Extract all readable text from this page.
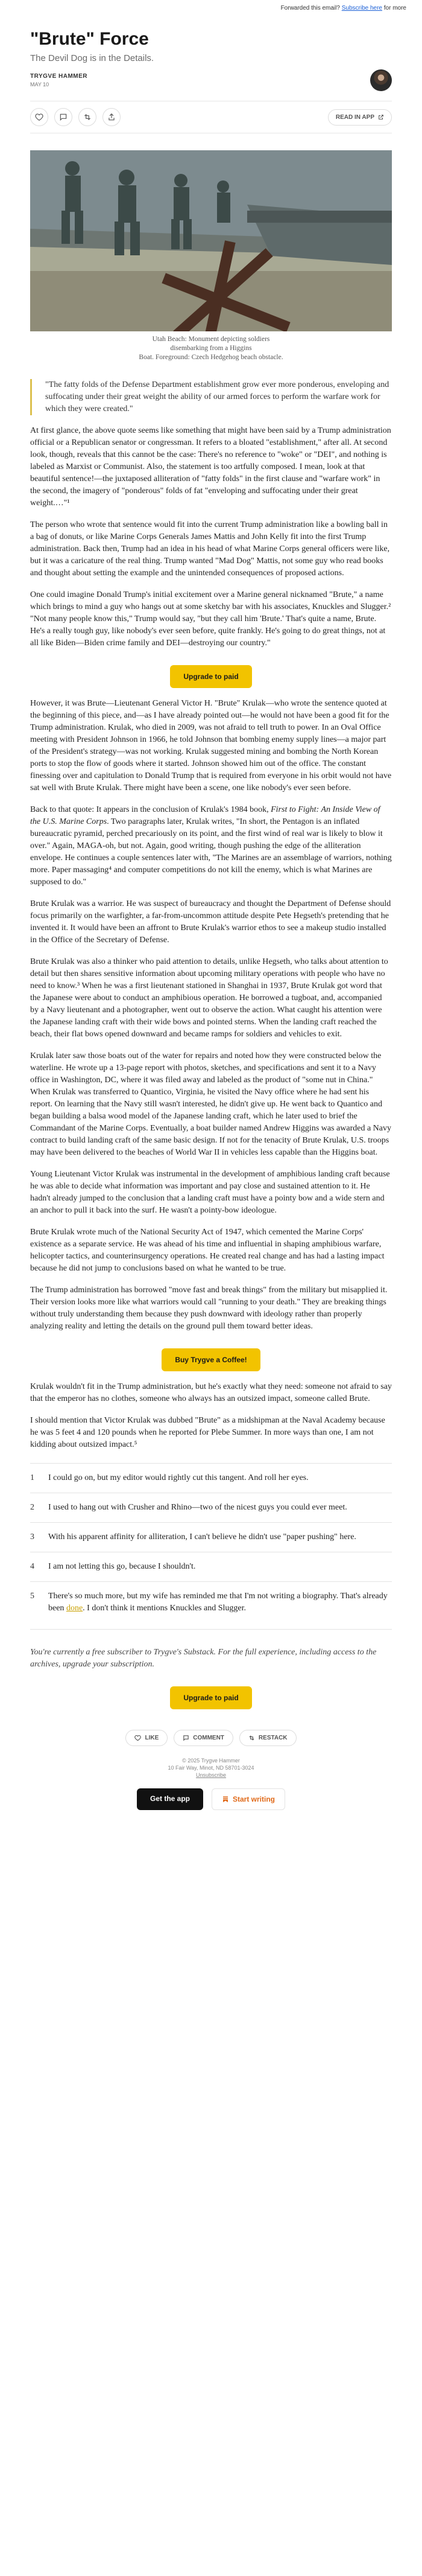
Forwarded this email? Subscribe here for more
"Brute" Force
The Devil Dog is in the Details.
TRYGVE HAMMER
MAY 10
READ IN APP
Utah Beach: Monument depicting soldiers disembarking from a Higgins
Boat. Foreground: Czech Hedgehog beach obstacle.
"The fatty folds of the Defense Department establishment grow ever more ponderous, enveloping and suffocating under their great weight the ability of our armed forces to perform the warfare work for which they were created."

At first glance, the above quote seems like something that might have been said by a Trump administration official or a Republican senator or congressman. It refers to a bloated "establishment," after all. At second look, though, reveals that this cannot be the case: There's no reference to "woke" or "DEI", and nothing is labeled as Marxist or Communist. Also, the statement is too artfully composed. I mean, look at that beautiful sentence!—the juxtaposed alliteration of "fatty folds" in the first clause and "warfare work" in the second, the imagery of "ponderous" folds of fat "enveloping and suffocating under their great weight.…"¹

The person who wrote that sentence would fit into the current Trump administration like a bowling ball in a bag of donuts, or like Marine Corps Generals James Mattis and John Kelly fit into the first Trump administration. Back then, Trump had an idea in his head of what Marine Corps general officers were like, but it was a caricature of the real thing. Trump wanted "Mad Dog" Mattis, not some guy who read books and thought about setting the example and the unintended consequences of proposed actions.

One could imagine Donald Trump's initial excitement over a Marine general nicknamed "Brute," a name which brings to mind a guy who hangs out at some sketchy bar with his associates, Knuckles and Slugger.² "Not many people know this," Trump would say, "but they call him 'Brute.' That's quite a name, Brute. He's a really tough guy, like nobody's ever seen before, quite frankly. He's going to do great things, not at all like Biden—Biden crime family and DEI—destroying our country."

Upgrade to paid

However, it was Brute—Lieutenant General Victor H. "Brute" Krulak—who wrote the sentence quoted at the beginning of this piece, and—as I have already pointed out—he would not have been a good fit for the Trump administration. Krulak, who died in 2009, was not afraid to tell truth to power. In an Oval Office meeting with President Johnson in 1966, he told Johnson that bombing enemy supply lines—a major part of the President's strategy—was not working. Krulak suggested mining and bombing the North Korean ports to stop the flow of goods where it started. Johnson showed him out of the office. The constant finessing over and capitulation to Donald Trump that is required from everyone in his orbit would not have sat well with Brute Krulak. There might have been a scene, one like nobody's ever seen before.

Back to that quote: It appears in the conclusion of Krulak's 1984 book, First to Fight: An Inside View of the U.S. Marine Corps. Two paragraphs later, Krulak writes, "In short, the Pentagon is an inflated bureaucratic pyramid, perched precariously on its point, and the first wind of real war is likely to blow it over." Again, MAGA-oh, but not. Again, good writing, though pushing the edge of the alliteration envelope. He continues a couple sentences later with, "The Marines are an assemblage of warriors, nothing more. Paper massaging⁴ and computer competitions do not kill the enemy, which is what Marines are supposed to do."

Brute Krulak was a warrior. He was suspect of bureaucracy and thought the Department of Defense should focus primarily on the warfighter, a far-from-uncommon attitude despite Pete Hegseth's pretending that he invented it. It would have been an affront to Brute Krulak's warrior ethos to see a makeup studio installed in the Office of the Secretary of Defense.

Brute Krulak was also a thinker who paid attention to details, unlike Hegseth, who talks about attention to detail but then shares sensitive information about upcoming military operations with people who have no need to know.³ When he was a first lieutenant stationed in Shanghai in 1937, Brute Krulak got word that the Japanese were about to conduct an amphibious operation. He borrowed a tugboat, and, accompanied by a Navy lieutenant and a photographer, went out to observe the action. What caught his attention were the Japanese landing craft with their wide bows and pointed sterns. When the landing craft reached the beach, their flat bows opened downward and became ramps for soldiers and vehicles to exit.

Krulak later saw those boats out of the water for repairs and noted how they were constructed below the waterline. He wrote up a 13-page report with photos, sketches, and specifications and sent it to a Navy office in Washington, DC, where it was filed away and labeled as the product of "some nut in China." When Krulak was transferred to Quantico, Virginia, he visited the Navy office where he had sent his report. On learning that the Navy still wasn't interested, he didn't give up. He went back to Quantico and began building a balsa wood model of the Japanese landing craft, which he later used to brief the Commandant of the Marine Corps. Eventually, a boat builder named Andrew Higgins was awarded a Navy contract to build landing craft of the same basic design. If not for the tenacity of Brute Krulak, U.S. troops may have been delivered to the beaches of World War II in vehicles less capable than the Higgins boat.

Young Lieutenant Victor Krulak was instrumental in the development of amphibious landing craft because he was able to decide what information was important and pay close and sustained attention to it. He hadn't already jumped to the conclusion that a landing craft must have a pointy bow and a wide stern and an anchor to pull it back into the surf. He wasn't a pointy-bow ideologue.

Brute Krulak wrote much of the National Security Act of 1947, which cemented the Marine Corps' existence as a separate service. He was ahead of his time and influential in shaping amphibious warfare, helicopter tactics, and counterinsurgency operations. He created real change and has had a lasting impact because he did not jump to conclusions based on what he wanted to be true.

The Trump administration has borrowed "move fast and break things" from the military but misapplied it. Their version looks more like what warriors would call "running to your death." They are breaking things without truly understanding them because they push downward with ideology rather than properly analyzing reality and letting the details on the ground pull them toward better ideas.

Buy Trygve a Coffee!

Krulak wouldn't fit in the Trump administration, but he's exactly what they need: someone not afraid to say that the emperor has no clothes, someone who always has an outsized impact, someone called Brute.

I should mention that Victor Krulak was dubbed "Brute" as a midshipman at the Naval Academy because he was 5 feet 4 and 120 pounds when he reported for Plebe Summer. In more ways than one, I am not kidding about outsized impact.⁵

1	I could go on, but my editor would rightly cut this tangent. And roll her eyes.
2	I used to hang out with Crusher and Rhino—two of the nicest guys you could ever meet.
3	With his apparent affinity for alliteration, I can't believe he didn't use "paper pushing" here.
4	I am not letting this go, because I shouldn't.
5	There's so much more, but my wife has reminded me that I'm not writing a biography. That's already been done. I don't think it mentions Knuckles and Slugger.
You're currently a free subscriber to Trygve's Substack. For the full experience, including access to the archives, upgrade your subscription.
Upgrade to paid
LIKE	COMMENT	RESTACK
© 2025 Trygve Hammer
10 Fair Way, Minot, ND 58701-3024
Unsubscribe
Get the app	Start writing
